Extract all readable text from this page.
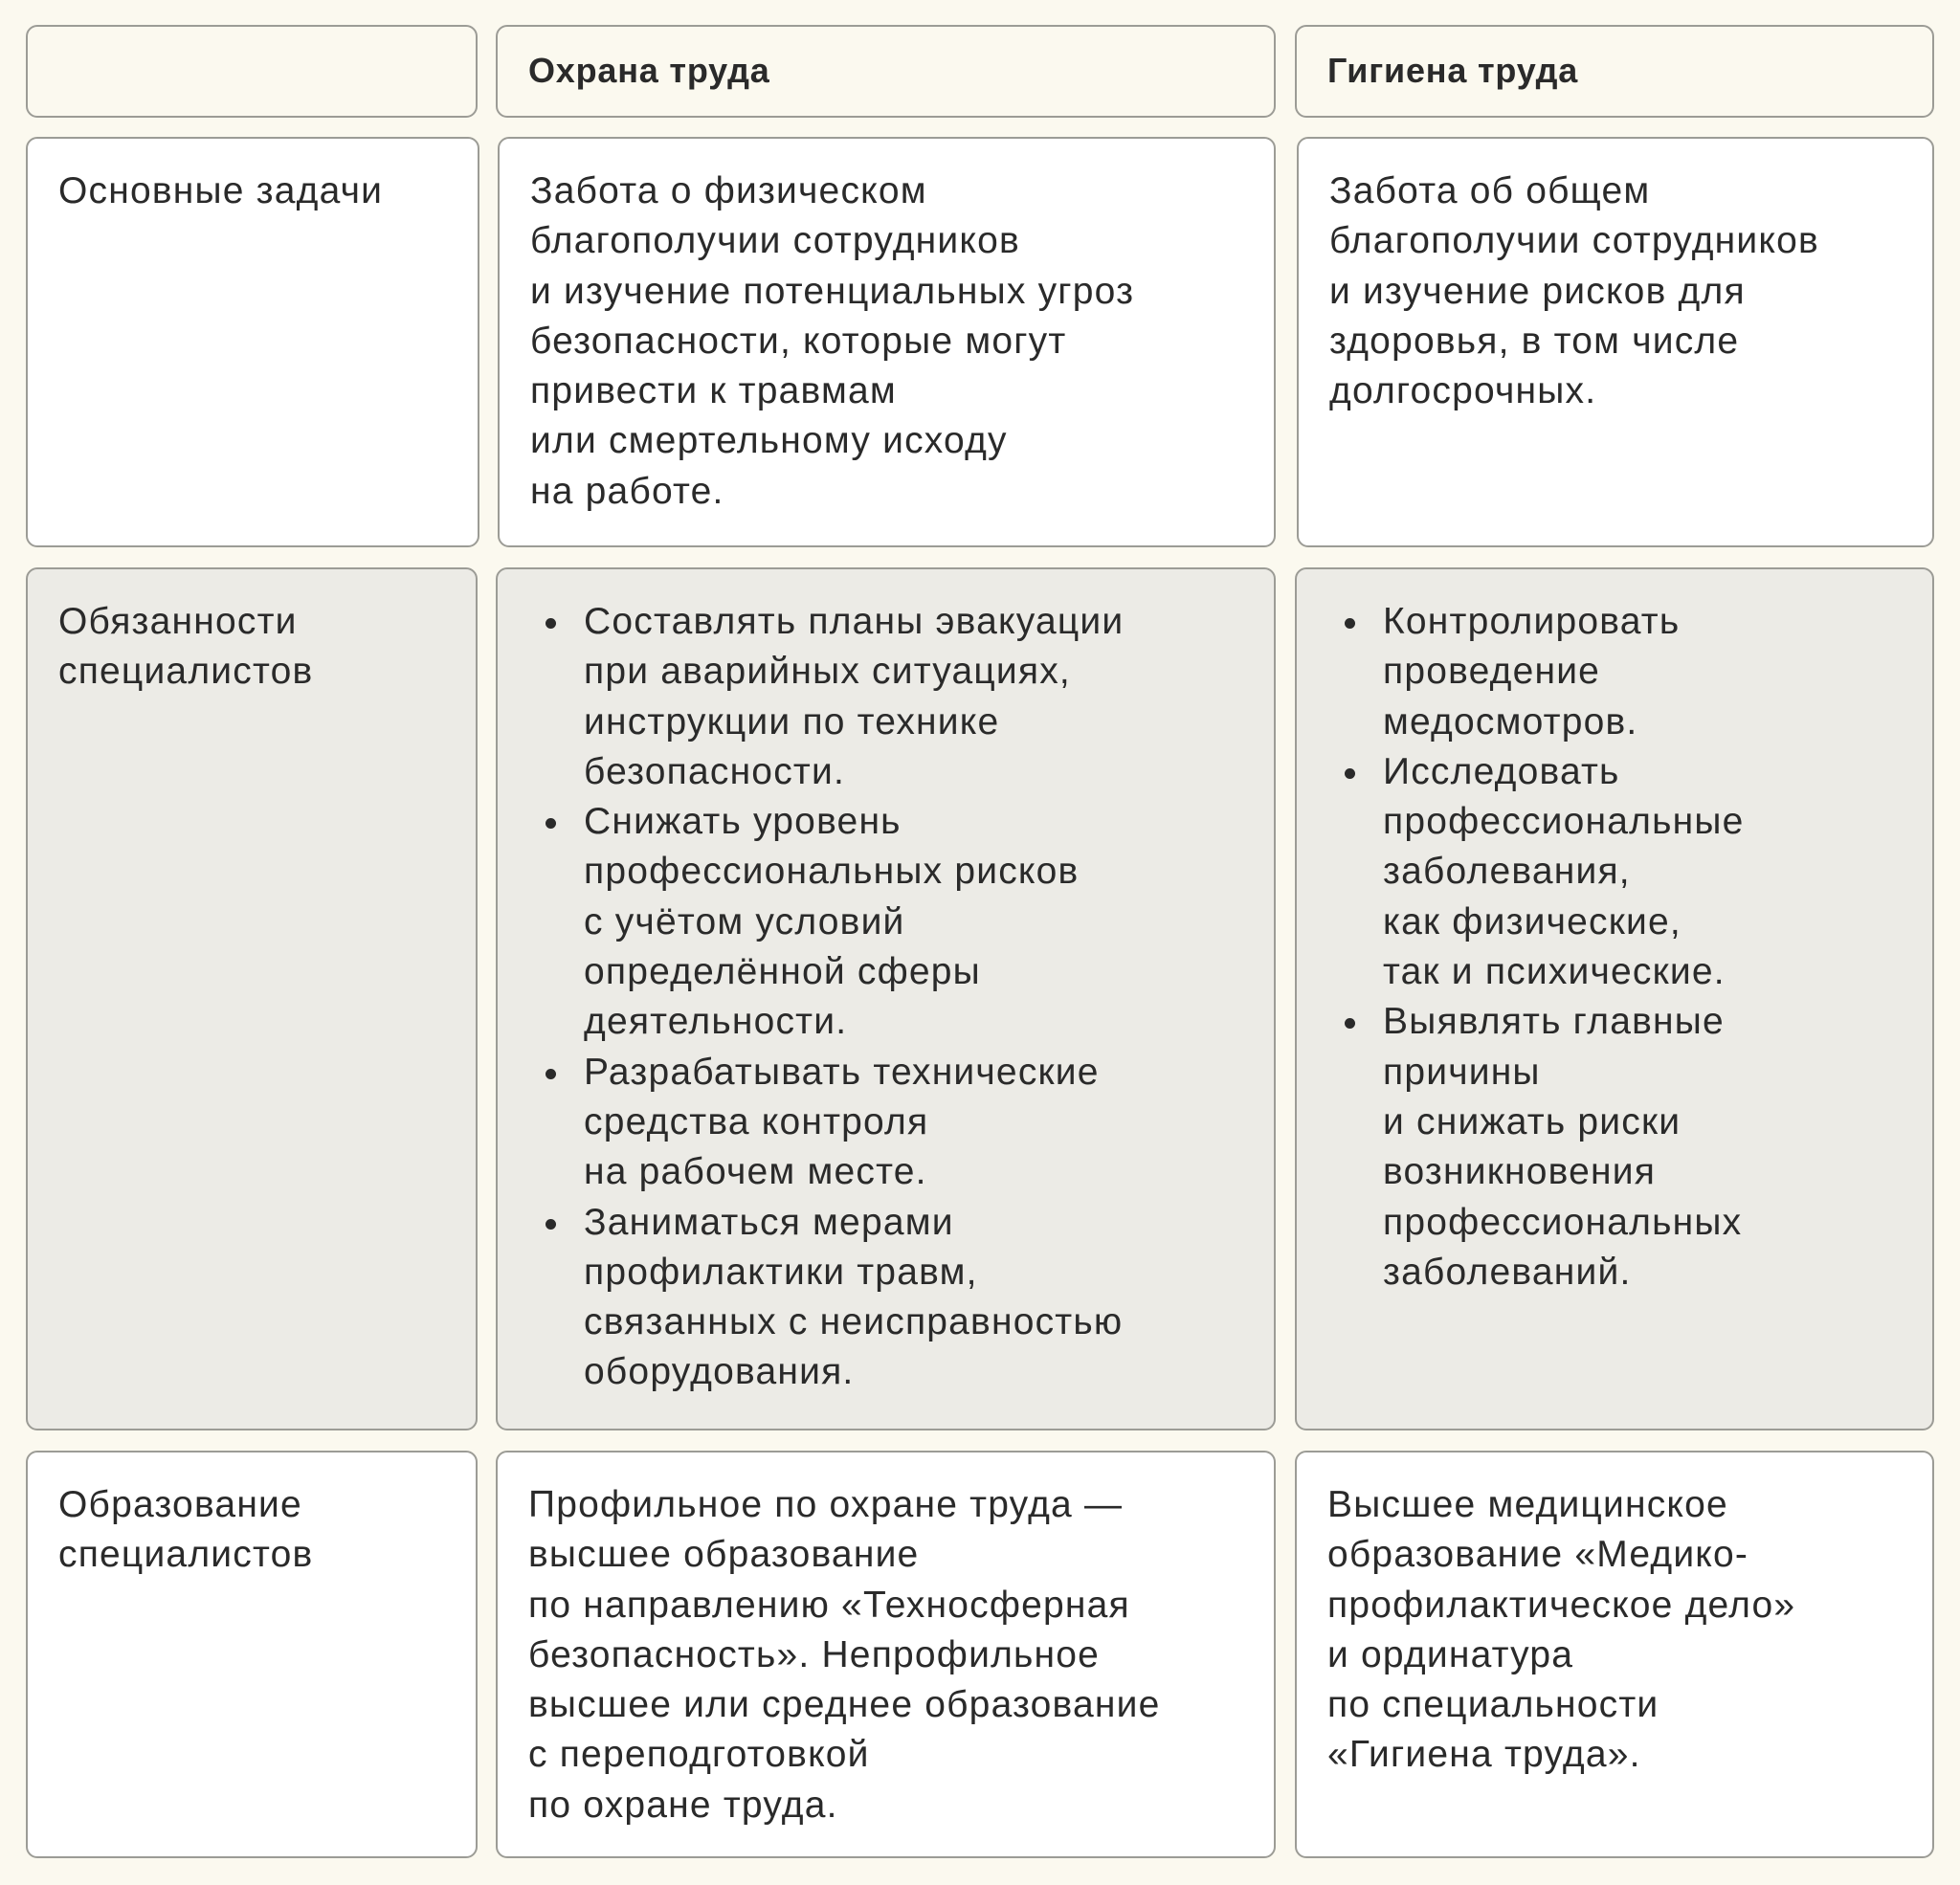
Охрана труда	Гигиена труда
Основные задачи	Забота о физическом
благополучии сотрудников
и изучение потенциальных угроз
безопасности, которые могут
привести к травмам
или смертельному исходу
на работе.
Забота об общем
благополучии сотрудников
и изучение рисков для
здоровья, в том числе
долгосрочных.
Обязанности
специалистов
Составлять планы эвакуации
при аварийных ситуациях,
инструкции по технике
безопасности.
Снижать уровень
профессиональных рисков
с учётом условий
определённой сферы
деятельности.
Разрабатывать технические
средства контроля
на рабочем месте.
Заниматься мерами
профилактики травм,
связанных с неисправностью
оборудования.
Контролировать
проведение
медосмотров.
Исследовать
профессиональные
заболевания,
как физические,
так и психические.
Выявлять главные
причины
и снижать риски
возникновения
профессиональных
заболеваний.
Образование
специалистов
Профильное по охране труда —
высшее образование
по направлению «Техносферная
безопасность». Непрофильное
высшее или среднее образование
с переподготовкой
по охране труда.
Высшее медицинское
образование «Медико-
профилактическое дело»
и ординатура
по специальности
«Гигиена труда».
